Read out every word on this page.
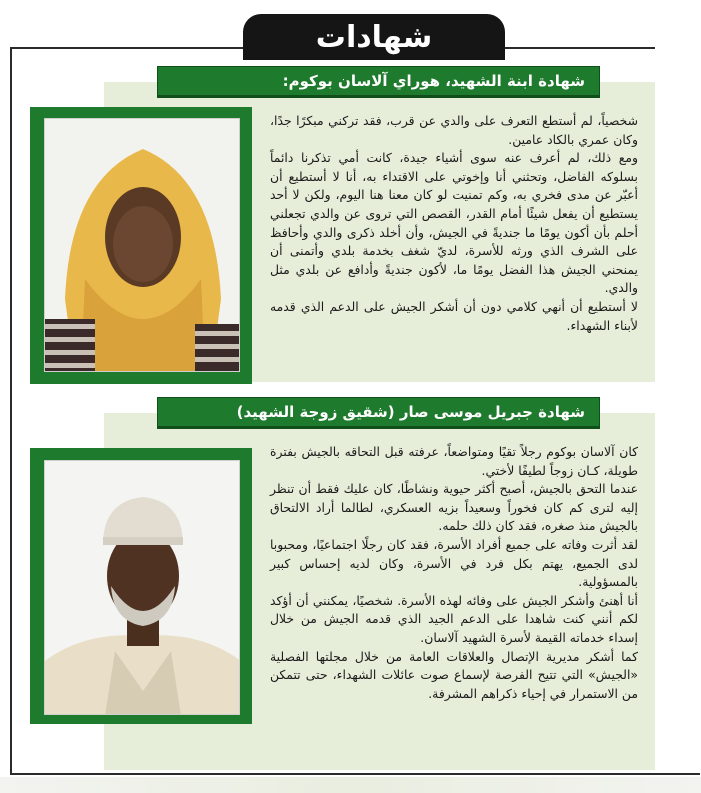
شهادات
شهادة ابنة الشهيد، هوراي آلاسان بوكوم:

شخصياً، لم أستطع التعرف على والدي عن قرب، فقد تركني مبكرًا جدًا، وكان عمري بالكاد عامين.

ومع ذلك، لم أعرف عنه سوى أشياء جيدة، كانت أمي تذكرنا دائماً بسلوكه الفاضل، وتحثني أنا وإخوتي على الاقتداء به، أنا لا أستطيع أن أعبّر عن مدى فخري به، وكم تمنيت لو كان معنا هنا اليوم، ولكن لا أحد يستطيع أن يفعل شيئًا أمام القدر، القصص التي تروى عن والدي تجعلني أحلم بأن أكون يومًا ما جنديةً في الجيش، وأن أخلد ذكرى والدي وأحافظ على الشرف الذي ورثه للأسرة، لديّ شغف بخدمة بلدي وأتمنى أن يمنحني الجيش هذا الفضل يومًا ما، لأكون جنديةً وأدافع عن بلدي مثل والدي.

لا أستطيع أن أنهي كلامي دون أن أشكر الجيش على الدعم الذي قدمه لأبناء الشهداء.

شهادة جبريل موسى صار (شقيق زوجة الشهيد)

كان آلاسان بوكوم رجلاً تقيًا ومتواضعاً، عرفته قبل التحاقه بالجيش بفترة طويلة، كـان زوجاً لطيفًا لأختي.

عندما التحق بالجيش، أصبح أكثر حيوية ونشاطًا، كان عليك فقط أن تنظر إليه لترى كم كان فخوراً وسعيداً بزيه العسكري، لطالما أراد الالتحاق بالجيش منذ صغره، فقد كان ذلك حلمه.

لقد أثرت وفاته على جميع أفراد الأسرة، فقد كان رجلًا اجتماعيًا، ومحبوبا لدى الجميع، يهتم بكل فرد في الأسرة، وكان لديه إحساس كبير بالمسؤولية.

أنا أهنئ وأشكر الجيش على وفائه لهذه الأسرة. شخصيًا، يمكنني أن أؤكد لكم أنني كنت شاهدا على الدعم الجيد الذي قدمه الجيش من خلال إسداء خدماته القيمة لأسرة الشهيد آلاسان.

كما أشكر مديرية الإتصال والعلاقات العامة من خلال مجلتها الفصلية «الجيش» التي تتيح الفرصة لإسماع صوت عائلات الشهداء، حتى تتمكن من الاستمرار في إحياء ذكراهم المشرفة.
